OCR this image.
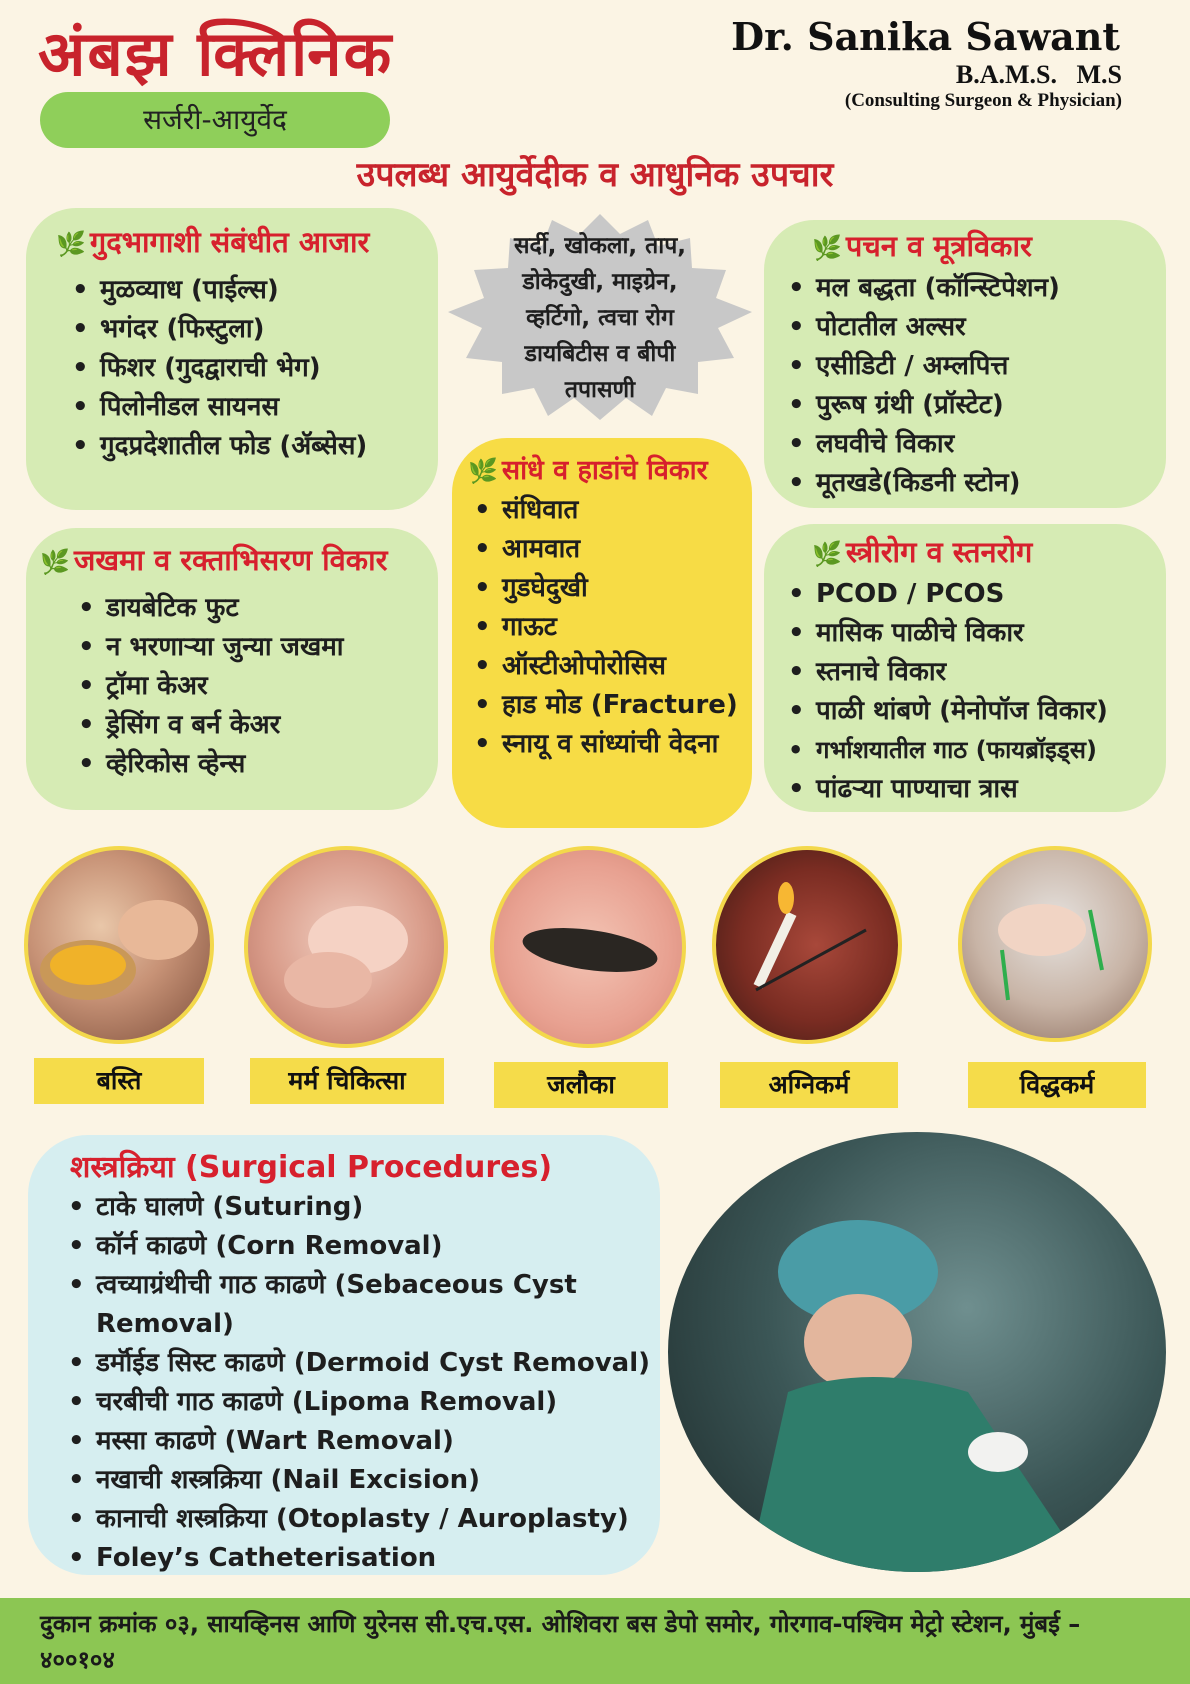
अंबझ क्लिनिक
सर्जरी-आयुर्वेद
Dr. Sanika Sawant
B.A.M.S.   M.S
(Consulting Surgeon & Physician)
उपलब्ध आयुर्वेदीक व आधुनिक उपचार
🌿 गुदभागाशी संबंधीत आजार
• मुळव्याध (पाईल्स)
• भगंदर (फिस्टुला)
• फिशर (गुदद्वाराची भेग)
• पिलोनीडल सायनस
• गुदप्रदेशातील फोड (ॲब्सेस)
सर्दी, खोकला, ताप,
डोकेदुखी, माइग्रेन,
व्हर्टिगो, त्वचा रोग
डायबिटीस व बीपी
तपासणी
🌿 पचन व मूत्रविकार
• मल बद्धता (कॉन्स्टिपेशन)
• पोटातील अल्सर
• एसीडिटी / अम्लपित्त
• पुरूष ग्रंथी (प्रॉस्टेट)
• लघवीचे विकार
• मूतखडे(किडनी स्टोन)
🌿 सांधे व हाडांचे विकार
• संधिवात
• आमवात
• गुडघेदुखी
• गाऊट
• ऑस्टीओपोरोसिस
• हाड मोड (Fracture)
• स्नायू व सांध्यांची वेदना
🌿 जखमा व रक्ताभिसरण विकार
• डायबेटिक फुट
• न भरणाऱ्या जुन्या जखमा
• ट्रॉमा केअर
• ड्रेसिंग व बर्न केअर
• व्हेरिकोस व्हेन्स
🌿 स्त्रीरोग व स्तनरोग
• PCOD / PCOS
• मासिक पाळीचे विकार
• स्तनाचे विकार
• पाळी थांबणे (मेनोपॉज विकार)
• गर्भाशयातील गाठ (फायब्रॉइड्स)
• पांढऱ्या पाण्याचा त्रास
बस्ति	मर्म चिकित्सा	जलौका	अग्निकर्म	विद्धकर्म
शस्त्रक्रिया (Surgical Procedures)
• टाके घालणे (Suturing)
• कॉर्न काढणे (Corn Removal)
• त्वच्याग्रंथीची गाठ काढणे (Sebaceous Cyst Removal)
• डर्मॉईड सिस्ट काढणे (Dermoid Cyst Removal)
• चरबीची गाठ काढणे (Lipoma Removal)
• मस्सा काढणे (Wart Removal)
• नखाची शस्त्रक्रिया (Nail Excision)
• कानाची शस्त्रक्रिया (Otoplasty / Auroplasty)
• Foley’s Catheterisation
दुकान क्रमांक ०३, सायव्हिनस आणि युरेनस सी.एच.एस. ओशिवरा बस डेपो समोर, गोरगाव-पश्चिम मेट्रो स्टेशन, मुंबई – ४००१०४
